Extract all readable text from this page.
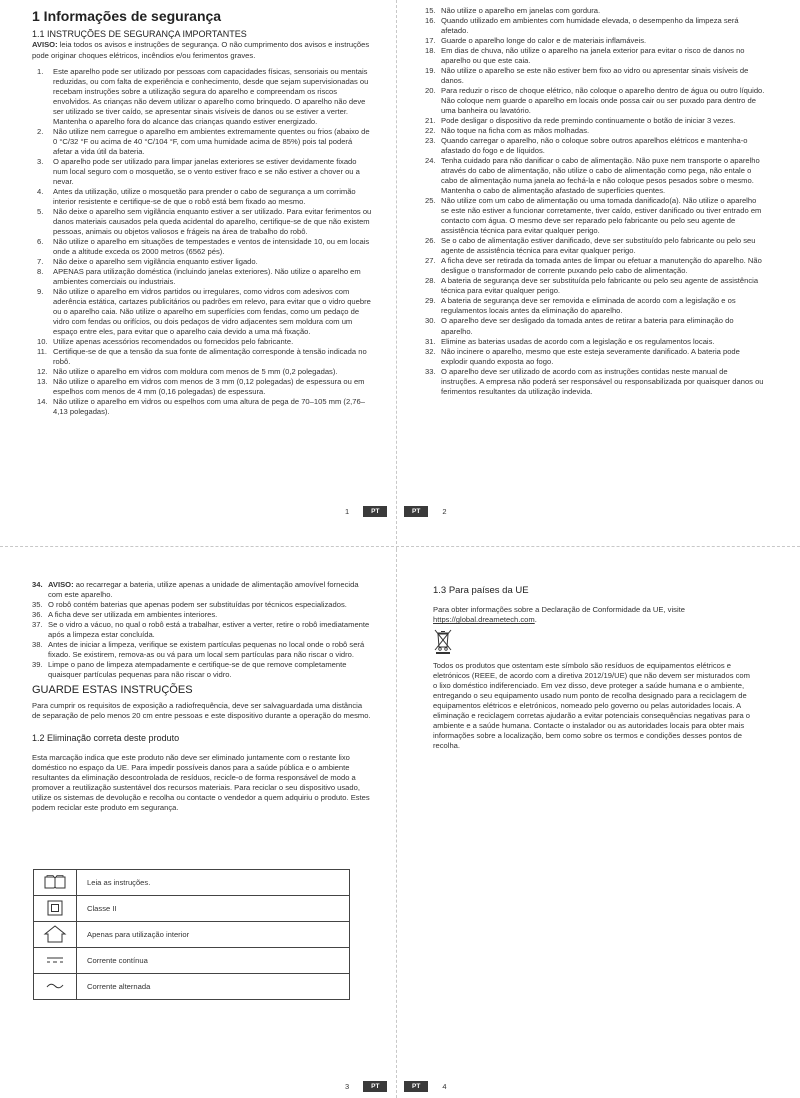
1 Informações de segurança
1.1 INSTRUÇÕES DE SEGURANÇA IMPORTANTES

AVISO: leia todos os avisos e instruções de segurança. O não cumprimento dos avisos e instruções pode originar choques elétricos, incêndios e/ou ferimentos graves.

1. Este aparelho pode ser utilizado por pessoas com capacidades físicas, sensoriais ou mentais reduzidas, ou com falta de experiência e conhecimento, desde que sejam supervisionadas ou recebam instruções sobre a utilização segura do aparelho e compreendam os riscos envolvidos. As crianças não devem utilizar o aparelho como brinquedo. O aparelho não deve ser utilizado se tiver caído, se apresentar sinais visíveis de danos ou se estiver a verter. Mantenha o aparelho fora do alcance das crianças quando estiver energizado.
2. Não utilize nem carregue o aparelho em ambientes extremamente quentes ou frios (abaixo de 0 °C/32 °F ou acima de 40 °C/104 °F, com uma humidade acima de 85%) pois tal poderá afetar a vida útil da bateria.
3. O aparelho pode ser utilizado para limpar janelas exteriores se estiver devidamente fixado num local seguro com o mosquetão, se o vento estiver fraco e se não estiver a chover ou a nevar.
4. Antes da utilização, utilize o mosquetão para prender o cabo de segurança a um corrimão interior resistente e certifique-se de que o robô está bem fixado ao mesmo.
5. Não deixe o aparelho sem vigilância enquanto estiver a ser utilizado. Para evitar ferimentos ou danos materiais causados pela queda acidental do aparelho, certifique-se de que não existem pessoas, animais ou objetos valiosos e frágeis na área de trabalho do robô.
6. Não utilize o aparelho em situações de tempestades e ventos de intensidade 10, ou em locais onde a altitude exceda os 2000 metros (6562 pés).
7. Não deixe o aparelho sem vigilância enquanto estiver ligado.
8. APENAS para utilização doméstica (incluindo janelas exteriores). Não utilize o aparelho em ambientes comerciais ou industriais.
9. Não utilize o aparelho em vidros partidos ou irregulares, como vidros com adesivos com aderência estática, cartazes publicitários ou padrões em relevo, para evitar que o vidro quebre ou o aparelho caia. Não utilize o aparelho em superfícies com fendas, como um pedaço de vidro com fendas ou orifícios, ou dois pedaços de vidro adjacentes sem moldura com um espaço entre eles, para evitar que o aparelho caia devido a uma má fixação.
10. Utilize apenas acessórios recomendados ou fornecidos pelo fabricante.
11. Certifique-se de que a tensão da sua fonte de alimentação corresponde à tensão indicada no robô.
12. Não utilize o aparelho em vidros com moldura com menos de 5 mm (0,2 polegadas).
13. Não utilize o aparelho em vidros com menos de 3 mm (0,12 polegadas) de espessura ou em espelhos com menos de 4 mm (0,16 polegadas) de espessura.
14. Não utilize o aparelho em vidros ou espelhos com uma altura de pega de 70–105 mm (2,76–4,13 polegadas).
1	PT
15. Não utilize o aparelho em janelas com gordura.
16. Quando utilizado em ambientes com humidade elevada, o desempenho da limpeza será afetado.
17. Guarde o aparelho longe do calor e de materiais inflamáveis.
18. Em dias de chuva, não utilize o aparelho na janela exterior para evitar o risco de danos no aparelho ou que este caia.
19. Não utilize o aparelho se este não estiver bem fixo ao vidro ou apresentar sinais visíveis de danos.
20. Para reduzir o risco de choque elétrico, não coloque o aparelho dentro de água ou outro líquido. Não coloque nem guarde o aparelho em locais onde possa cair ou ser puxado para dentro de uma banheira ou lavatório.
21. Pode desligar o dispositivo da rede premindo continuamente o botão de iniciar 3 vezes.
22. Não toque na ficha com as mãos molhadas.
23. Quando carregar o aparelho, não o coloque sobre outros aparelhos elétricos e mantenha-o afastado do fogo e de líquidos.
24. Tenha cuidado para não danificar o cabo de alimentação. Não puxe nem transporte o aparelho através do cabo de alimentação, não utilize o cabo de alimentação como pega, não entale o cabo de alimentação numa janela ao fechá-la e não coloque pesos pesados sobre o mesmo. Mantenha o cabo de alimentação afastado de superfícies quentes.
25. Não utilize com um cabo de alimentação ou uma tomada danificado(a). Não utilize o aparelho se este não estiver a funcionar corretamente, tiver caído, estiver danificado ou tiver entrado em contacto com água. O mesmo deve ser reparado pelo fabricante ou pelo seu agente de assistência técnica para evitar qualquer perigo.
26. Se o cabo de alimentação estiver danificado, deve ser substituído pelo fabricante ou pelo seu agente de assistência técnica para evitar qualquer perigo.
27. A ficha deve ser retirada da tomada antes de limpar ou efetuar a manutenção do aparelho. Não desligue o transformador de corrente puxando pelo cabo de alimentação.
28. A bateria de segurança deve ser substituída pelo fabricante ou pelo seu agente de assistência técnica para evitar qualquer perigo.
29. A bateria de segurança deve ser removida e eliminada de acordo com a legislação e os regulamentos locais antes da eliminação do aparelho.
30. O aparelho deve ser desligado da tomada antes de retirar a bateria para eliminação do aparelho.
31. Elimine as baterias usadas de acordo com a legislação e os regulamentos locais.
32. Não incinere o aparelho, mesmo que este esteja severamente danificado. A bateria pode explodir quando exposta ao fogo.
33. O aparelho deve ser utilizado de acordo com as instruções contidas neste manual de instruções. A empresa não poderá ser responsável ou responsabilizada por quaisquer danos ou ferimentos resultantes da utilização indevida.
PT	2
34. AVISO: ao recarregar a bateria, utilize apenas a unidade de alimentação amovível fornecida com este aparelho.
35. O robô contém baterias que apenas podem ser substituídas por técnicos especializados.
36. A ficha deve ser utilizada em ambientes interiores.
37. Se o vidro a vácuo, no qual o robô está a trabalhar, estiver a verter, retire o robô imediatamente após a limpeza estar concluída.
38. Antes de iniciar a limpeza, verifique se existem partículas pequenas no local onde o robô será fixado. Se existirem, remova-as ou vá para um local sem partículas para não riscar o vidro.
39. Limpe o pano de limpeza atempadamente e certifique-se de que remove completamente quaisquer partículas pequenas para não riscar o vidro.
GUARDE ESTAS INSTRUÇÕES

Para cumprir os requisitos de exposição a radiofrequência, deve ser salvaguardada uma distância de separação de pelo menos 20 cm entre pessoas e este dispositivo durante a operação do mesmo.

1.2 Eliminação correta deste produto

Esta marcação indica que este produto não deve ser eliminado juntamente com o restante lixo doméstico no espaço da UE. Para impedir possíveis danos para a saúde pública e o ambiente resultantes da eliminação descontrolada de resíduos, recicle-o de forma responsável de modo a promover a reutilização sustentável dos recursos materiais. Para reciclar o seu dispositivo usado, utilize os sistemas de devolução e recolha ou contacte o vendedor a quem adquiriu o produto. Estes podem reciclar este produto em segurança.

	Leia as instruções.
	Classe II
	Apenas para utilização interior
	Corrente contínua
	Corrente alternada
3	PT
1.3 Para países da UE

Para obter informações sobre a Declaração de Conformidade da UE, visite https://global.dreametech.com.

Todos os produtos que ostentam este símbolo são resíduos de equipamentos elétricos e eletrónicos (REEE, de acordo com a diretiva 2012/19/UE) que não devem ser misturados com o lixo doméstico indiferenciado. Em vez disso, deve proteger a saúde humana e o ambiente, entregando o seu equipamento usado num ponto de recolha designado para a reciclagem de equipamentos elétricos e eletrónicos, nomeado pelo governo ou pelas autoridades locais. A eliminação e reciclagem corretas ajudarão a evitar potenciais consequências negativas para o ambiente e a saúde humana. Contacte o instalador ou as autoridades locais para obter mais informações sobre a localização, bem como sobre os termos e condições desses pontos de recolha.

PT	4
